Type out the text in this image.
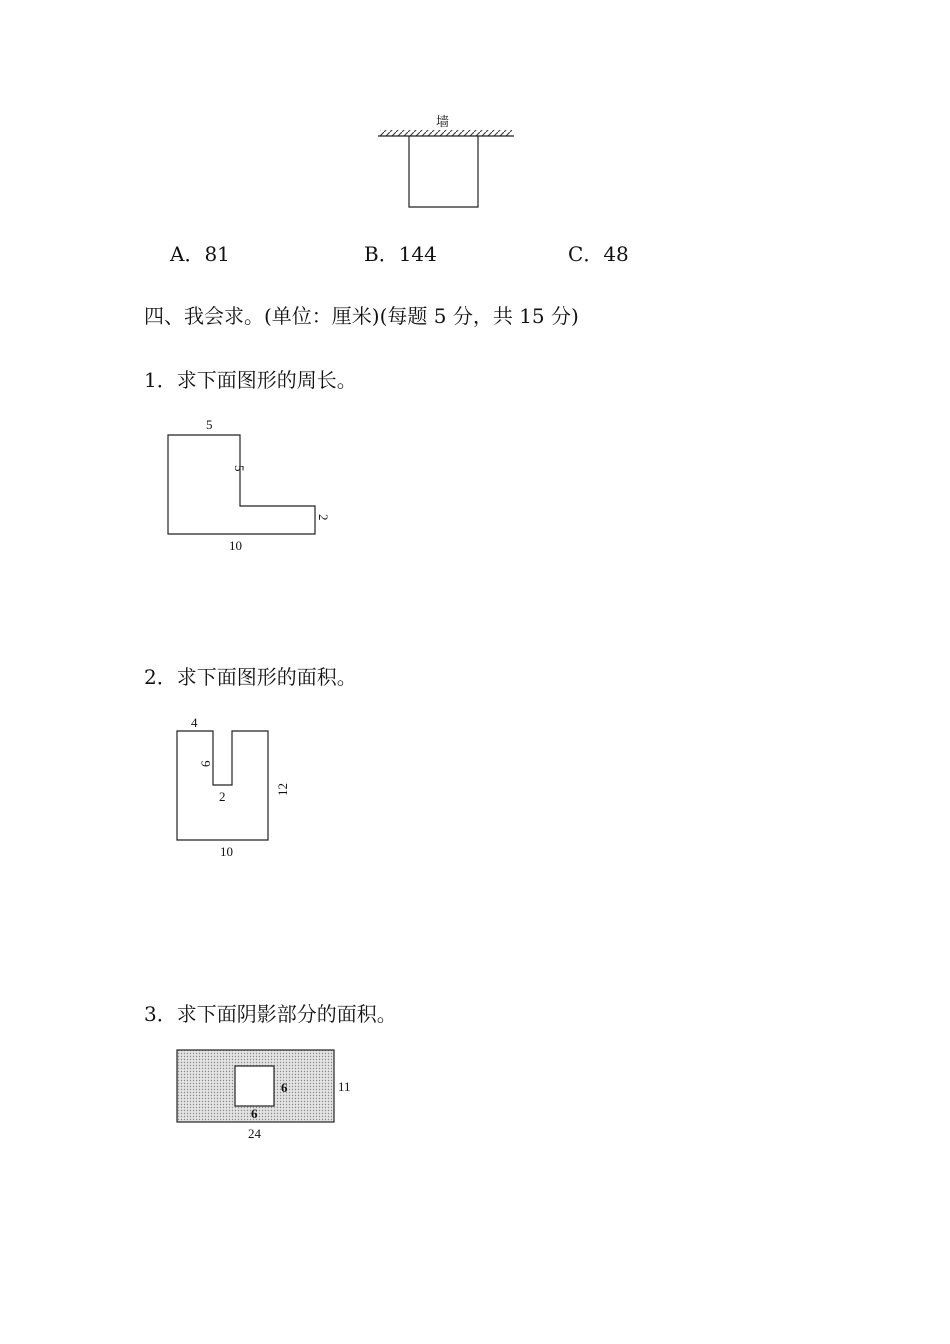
墙
A．81	B．144	C．48
四、我会求。(单位：厘米)(每题 5 分，共 15 分)
1．求下面图形的周长。
5
5
2
10
2．求下面图形的面积。
4
6
2	12
10
3．求下面阴影部分的面积。
6
6
11
24
